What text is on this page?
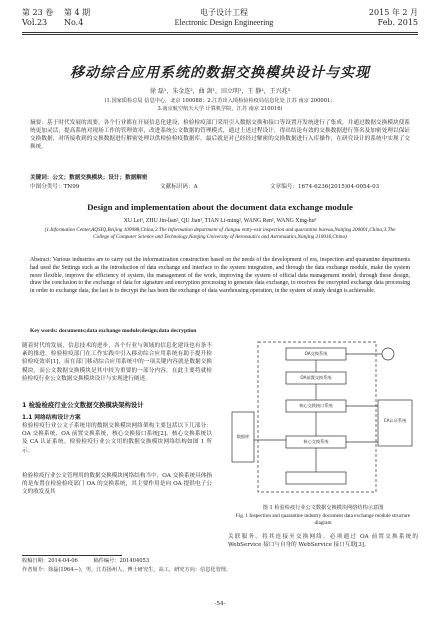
第 23 卷 第 4 期	电子设计工程	2015 年 2 月
Vol.23 No.4	Electronic Design Engineering	Feb. 2015
移动综合应用系统的数据交换模块设计与实现
徐 磊¹，朱金连²，曲 剑¹，田立明¹，王 静²，王兴兆³
(1.国家质检总局 信息中心，北京 100088；2.江苏出入境检验检疫局信息化处 江苏 南京 200001；
3.南京航空航天大学 计算机学院，江苏 南京 210016)
摘要：基于时代发展的需要，各个行业都在开展信息化建设，检验检疫部门采用引入数据交换和接口等设置开发统进行了集成，并通过数据交换模块使系统更加灵活，提高系统对现场工作的管理效率，改进系统公文数据的管理模式，通过上述过程设计，得出结论有效的交换数据进行签名及加密处理以保证交换数据，对所接收到的交换数据进行解密处理以供检验检疫数据库，最后就是对已经经过解密的交换数据进行入库操作，在研究设计的系统中实现了交换统。
关键词：公文；数据交换模块；设计；数据解密
中图分类号：TN99	文献标识码：A	文章编号：1674-6236(2015)04-0054-03
Design and implementation about the document data exchange module
XU Lei¹, ZHU Jin-lian², QU Jian¹, TIAN Li-ming¹, WANG Ren², WANG Xing-hu³
(1.Information Center,AQSIQ,Beijing 100088,China;2.The Information department of Jiangsu entry-exit inspection and quarantine bureau,Nanjing 200001,China;3.The College of Computer Science and Technology,Nanjing University of Aeronautics and Astronautics,Nanjing 210016,China)
Abstract: Various industries are to carry out the informatization construction based on the needs of the development of era, inspection and quarantine departments had used the Settings such as the introduction of data exchange and interface to the system integration, and through the data exchange module, make the system more flexible, improve the efficiency of system, the management of the work, improving the system of official data management model, through these design, draw the conclusion to the exchange of data for signature and encryption processing to generate data exchange, to receives the encrypted exchange data processing in order to exchange data, the last is to decrypt the has been the exchange of data warehousing operation, in the system of study design is achievable.
Key words: documents;data exchange module;design;data decryption
随着时代的发展，信息技术的进步，各个行业与领域的信息化建设也有条不紊的推进，检验检疫部门在工作实践中引入移动综合应用系统有助于提升检验检疫效率[1]，而在部门移动综合应用系统中的一项关键内容就是数据交换模块，而公文数据交换模块是其中较为重要的一部分内容，在此主要将就检验检疫行业公文数据交换模块设计与实现进行阐述。
1 检验检疫行业公文数据交换模块架构设计
1.1 网络结构设计方案
检验检疫行业公文子系统用的数据交换模块网络架构主要包括以下几部分：OA 交换系统、OA 前置交换系统、核心交换接口系统[2]、核心交换系统以及 CA 认证系统。检验检疫行业公文用的数据交换模块网络结构如图 1 所示。
检验检疫行业公文管理用的数据交换模块网络结构当中，OA 交换系统具体指的是布置在检验检疫部门 OA 的交换系统，其主要作用是向 OA 提供电子公文的收发及其
OA交换系统
OA前置交换系统
核心交换接口系统
核心交换系统
CA认证系统
数据库
图 1 检验检疫行业公文数据交换模块网络结构示意图
Fig. 1 Inspection and quarantine industry document data exchange module structure diagram
关联服务，将其连接至交换网络，必须通过 OA 前置交换系统的 WebService 接口与自身的 WebService 接口互联[3]。
收稿日期：2014-04-06	稿件编号：201404053
作者简介：徐磊(1964—)，男，江苏扬州人，博士研究生，高工，研究方向：信息化管理。
-54-
